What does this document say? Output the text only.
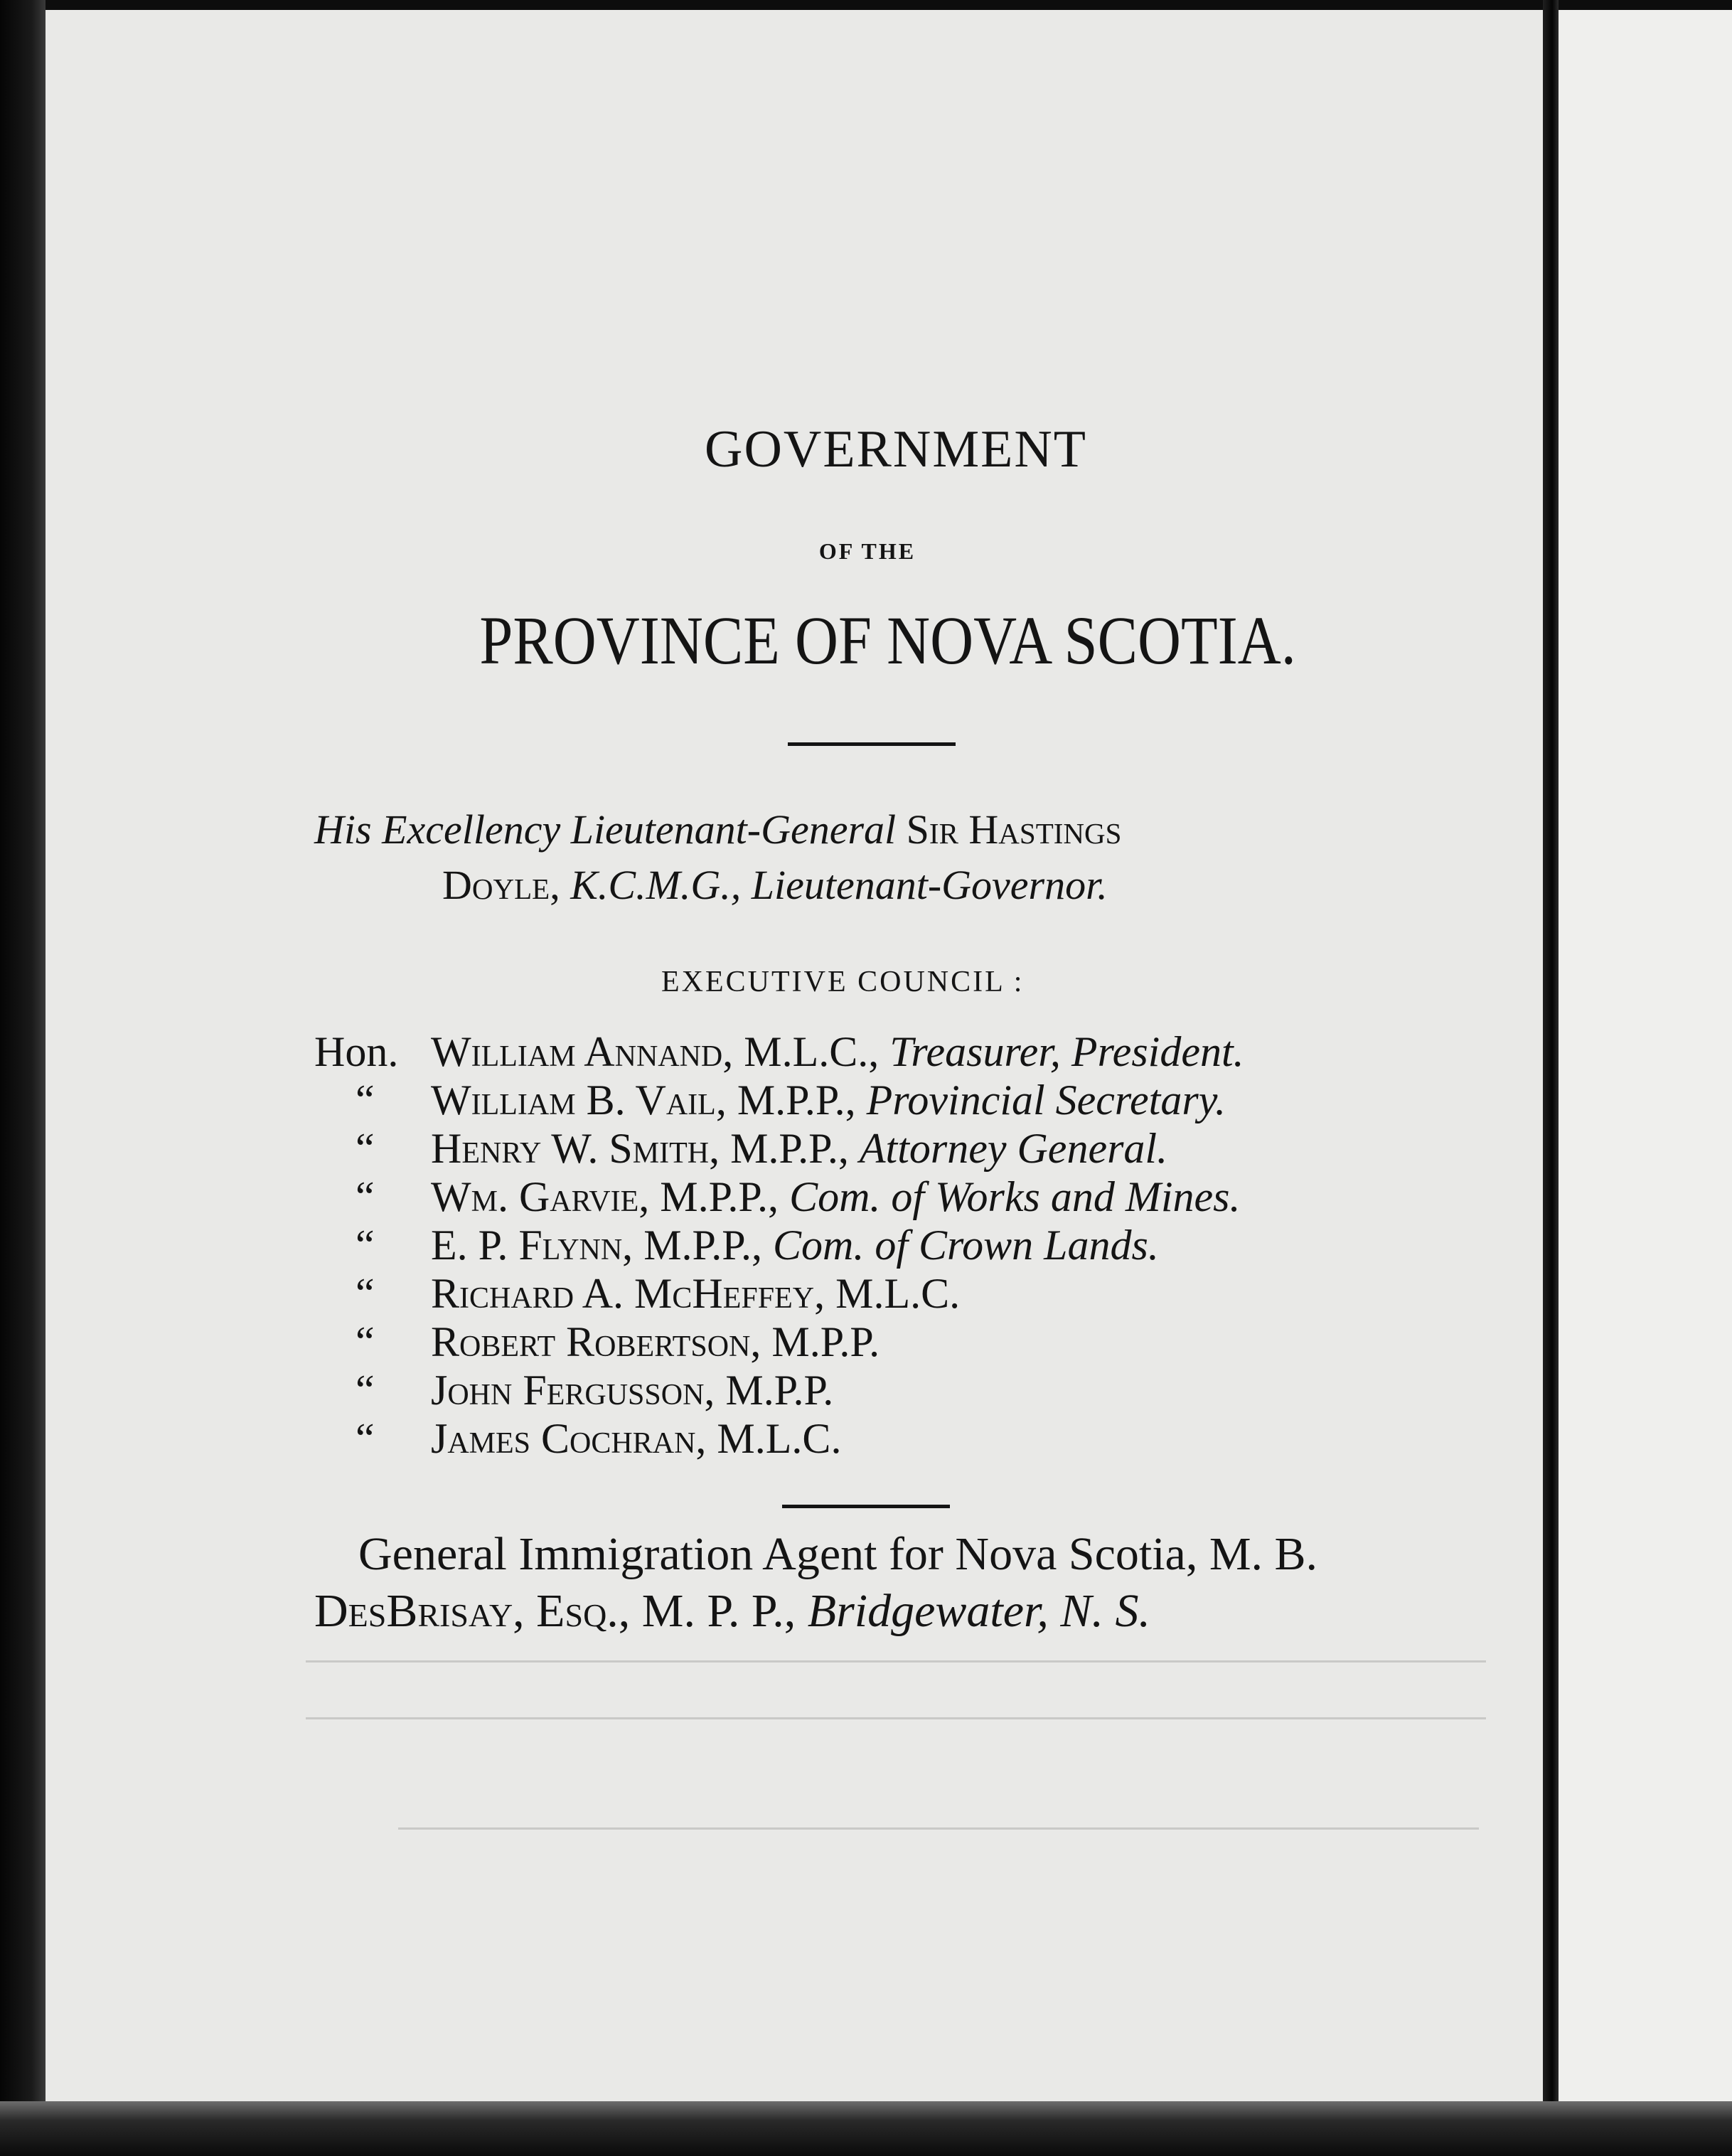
GOVERNMENT
OF THE
PROVINCE OF NOVA SCOTIA.
His Excellency Lieutenant-General Sir Hastings
Doyle, K.C.M.G., Lieutenant-Governor.
EXECUTIVE COUNCIL :
Hon. William Annand, M.L.C., Treasurer, President.
“ William B. Vail, M.P.P., Provincial Secretary.
“ Henry W. Smith, M.P.P., Attorney General.
“ Wm. Garvie, M.P.P., Com. of Works and Mines.
“ E. P. Flynn, M.P.P., Com. of Crown Lands.
“ Richard A. McHeffey, M.L.C.
“ Robert Robertson, M.P.P.
“ John Fergusson, M.P.P.
“ James Cochran, M.L.C.
General Immigration Agent for Nova Scotia, M. B.
DesBrisay, Esq., M. P. P., Bridgewater, N. S.
